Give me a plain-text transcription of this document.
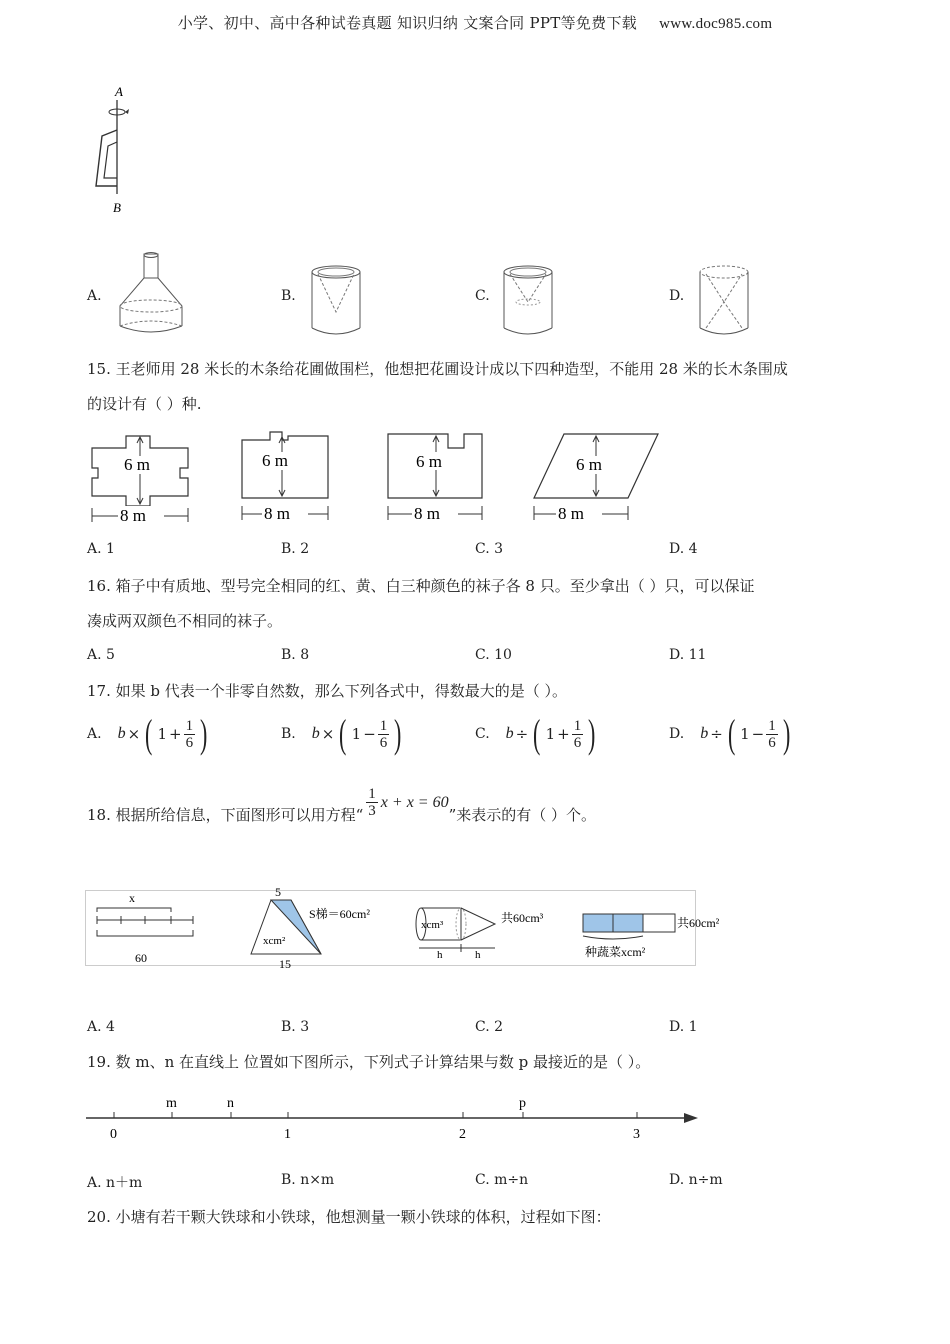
小学、初中、高中各种试卷真题 知识归纳 文案合同 PPT等免费下载 www.doc985.com
A
B
A.	B.	C.	D.
15. 王老师用 28 米长的木条给花圃做围栏，他想把花圃设计成以下四种造型，不能用 28 米的长木条围成
的设计有（ ）种.
6 m
8 m
6 m
8 m
6 m
8 m
6 m
8 m
A. 1	B. 2	C. 3	D. 4
16. 箱子中有质地、型号完全相同的红、黄、白三种颜色的袜子各 8 只。至少拿出（ ）只，可以保证
凑成两双颜色不相同的袜子。
A. 5	B. 8	C. 10	D. 11
17. 如果 b 代表一个非零自然数，那么下列各式中，得数最大的是（ ）。
A. b × ( $1 + \frac{1}{6}$ )	B. b × ( $1 - \frac{1}{6}$ )	C. b ÷ ( $1 + \frac{1}{6}$ )	D. b ÷ ( $1 - \frac{1}{6}$ )
18. 根据所给信息，下面图形可以用方程“ $\frac{1}{3}$ x + x = 60
”来表示的有（ ）个。
x
60
5
S梯＝60cm²
xcm²
15
xcm³	共60cm³
h	h
共60cm²
种蔬菜xcm²
A. 4	B. 3	C. 2	D. 1
19. 数 m、n 在直线上 位置如下图所示，下列式子计算结果与数 p 最接近的是（ ）。
0	1	2	3
m	n	p
A. n＋m	B. n×m	C. m÷n	D. n÷m
20. 小塘有若干颗大铁球和小铁球，他想测量一颗小铁球的体积，过程如下图：
